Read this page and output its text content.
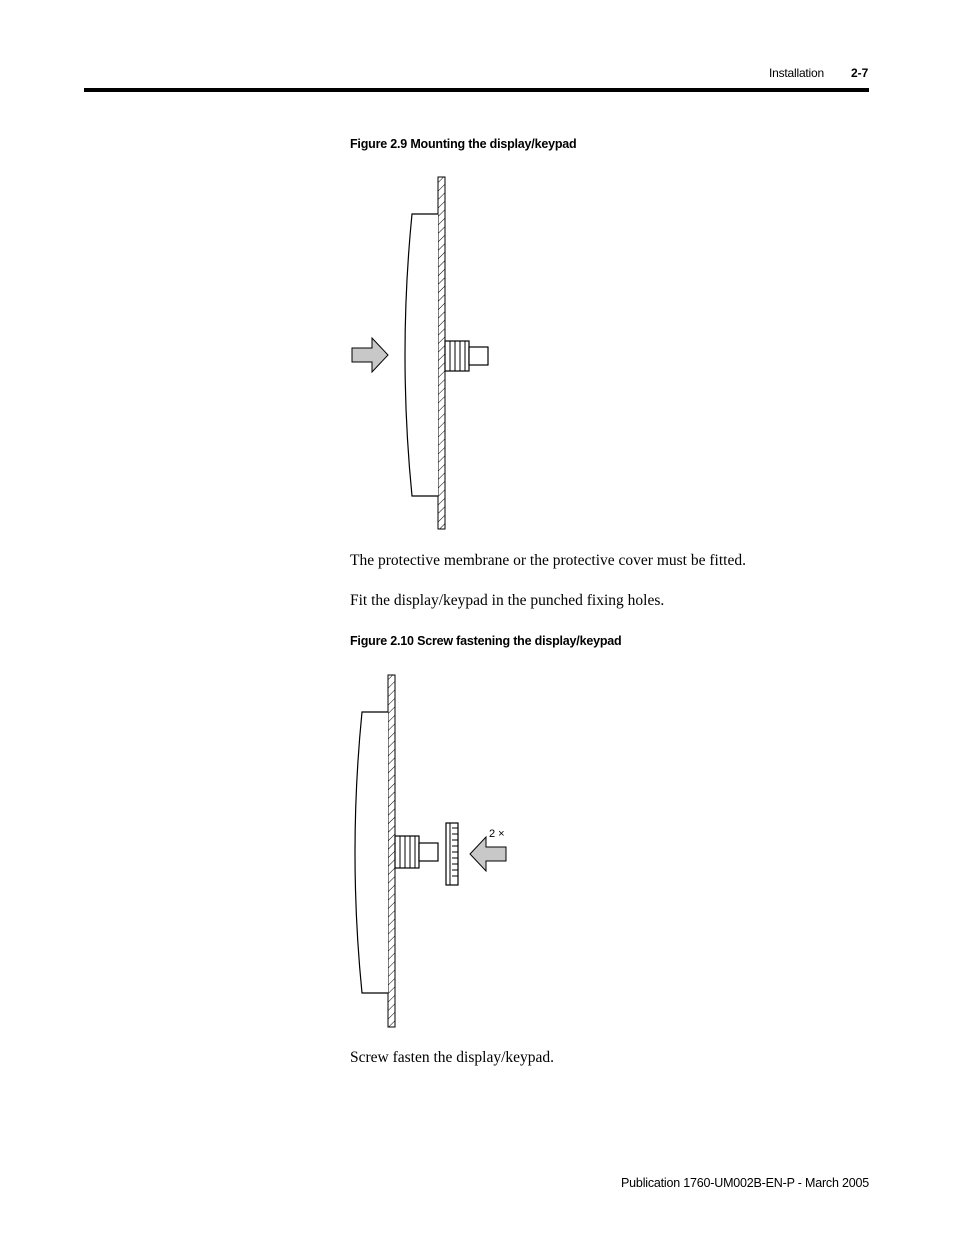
Installation 2-7
Figure 2.9 Mounting the display/keypad
The protective membrane or the protective cover must be fitted.
Fit the display/keypad in the punched fixing holes.
Figure 2.10 Screw fastening the display/keypad
2 ×
Screw fasten the display/keypad.
Publication 1760-UM002B-EN-P - March 2005
